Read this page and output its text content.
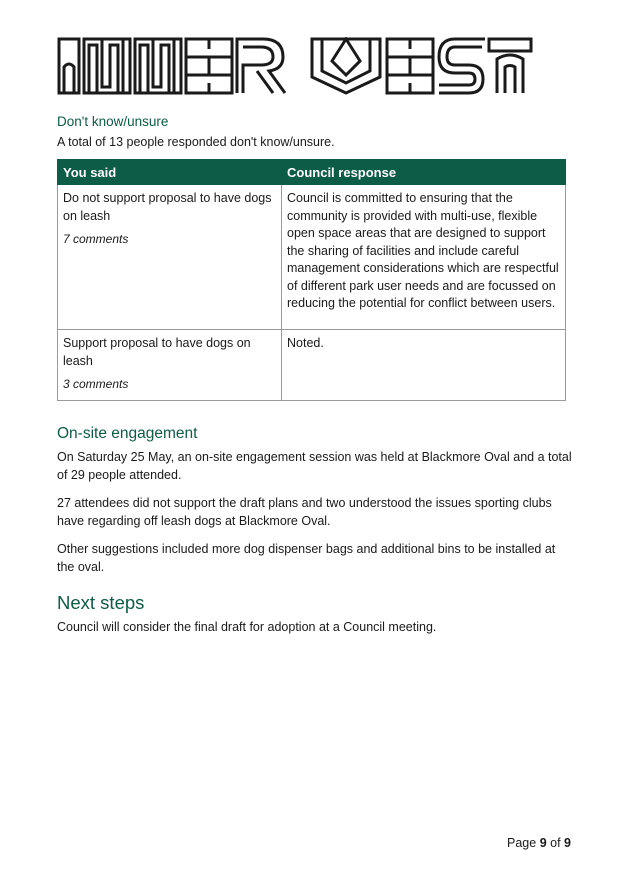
Don't know/unsure
A total of 13 people responded don't know/unsure.
You said	Council response

Do not support proposal to have dogs on leash
7 comments	Council is committed to ensuring that the community is provided with multi-use, flexible open space areas that are designed to support the sharing of facilities and include careful management considerations which are respectful of different park user needs and are focussed on reducing the potential for conflict between users.

Support proposal to have dogs on leash
3 comments	Noted.
On-site engagement
On Saturday 25 May, an on-site engagement session was held at Blackmore Oval and a total of 29 people attended.
27 attendees did not support the draft plans and two understood the issues sporting clubs have regarding off leash dogs at Blackmore Oval.
Other suggestions included more dog dispenser bags and additional bins to be installed at the oval.
Next steps
Council will consider the final draft for adoption at a Council meeting.
Page 9 of 9
